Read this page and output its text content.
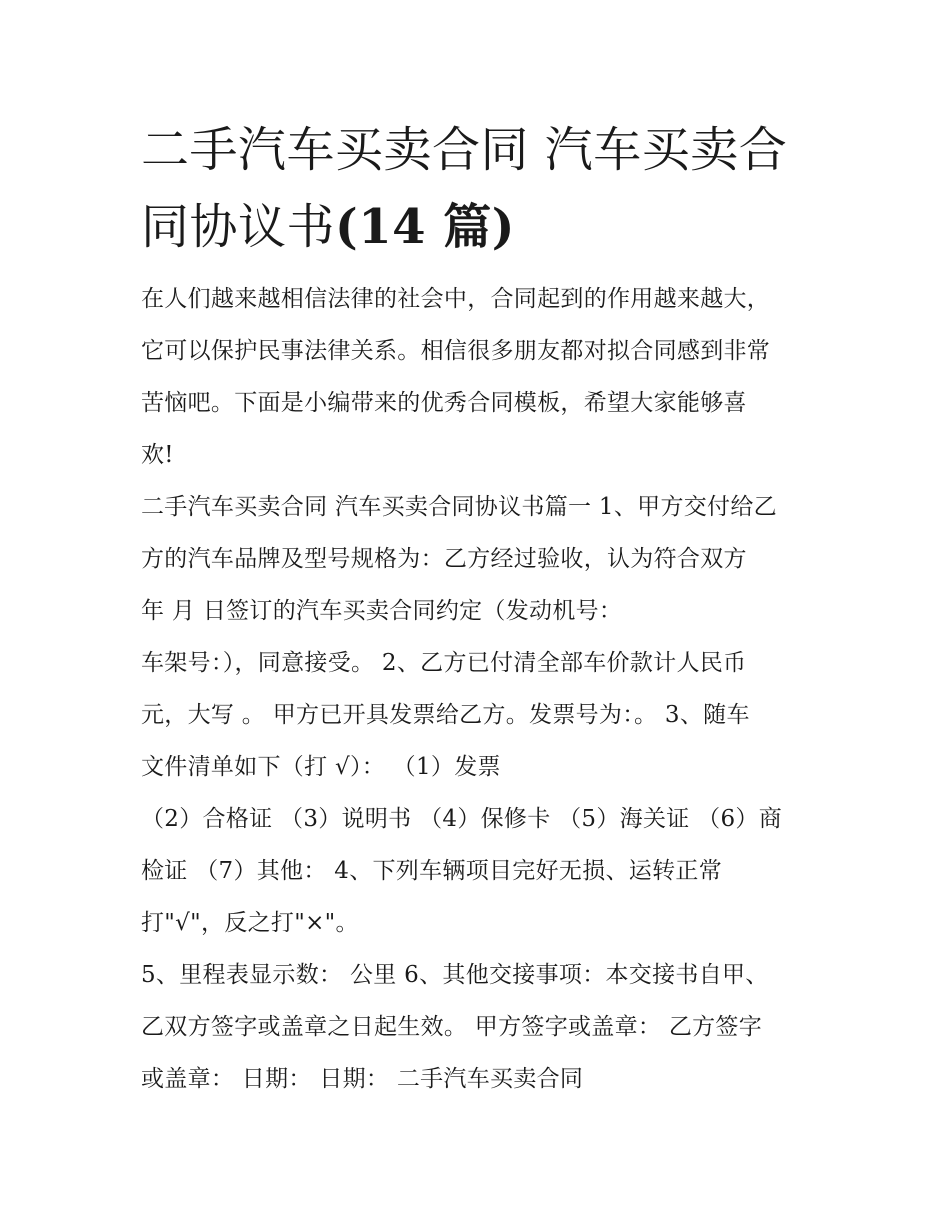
二手汽车买卖合同 汽车买卖合
同协议书(14 篇)
在人们越来越相信法律的社会中，合同起到的作用越来越大，
它可以保护民事法律关系。相信很多朋友都对拟合同感到非常
苦恼吧。下面是小编带来的优秀合同模板，希望大家能够喜
欢!
二手汽车买卖合同 汽车买卖合同协议书篇一 1、甲方交付给乙
方的汽车品牌及型号规格为：乙方经过验收，认为符合双方
年 月 日签订的汽车买卖合同约定（发动机号：
车架号：），同意接受。 2、乙方已付清全部车价款计人民币
元，大写 。 甲方已开具发票给乙方。发票号为：。 3、随车
文件清单如下（打 √）： （1）发票
（2）合格证 （3）说明书 （4）保修卡 （5）海关证 （6）商
检证 （7）其他： 4、下列车辆项目完好无损、运转正常
打"√"，反之打"×"。
5、里程表显示数： 公里 6、其他交接事项：本交接书自甲、
乙双方签字或盖章之日起生效。 甲方签字或盖章： 乙方签字
或盖章： 日期： 日期： 二手汽车买卖合同
